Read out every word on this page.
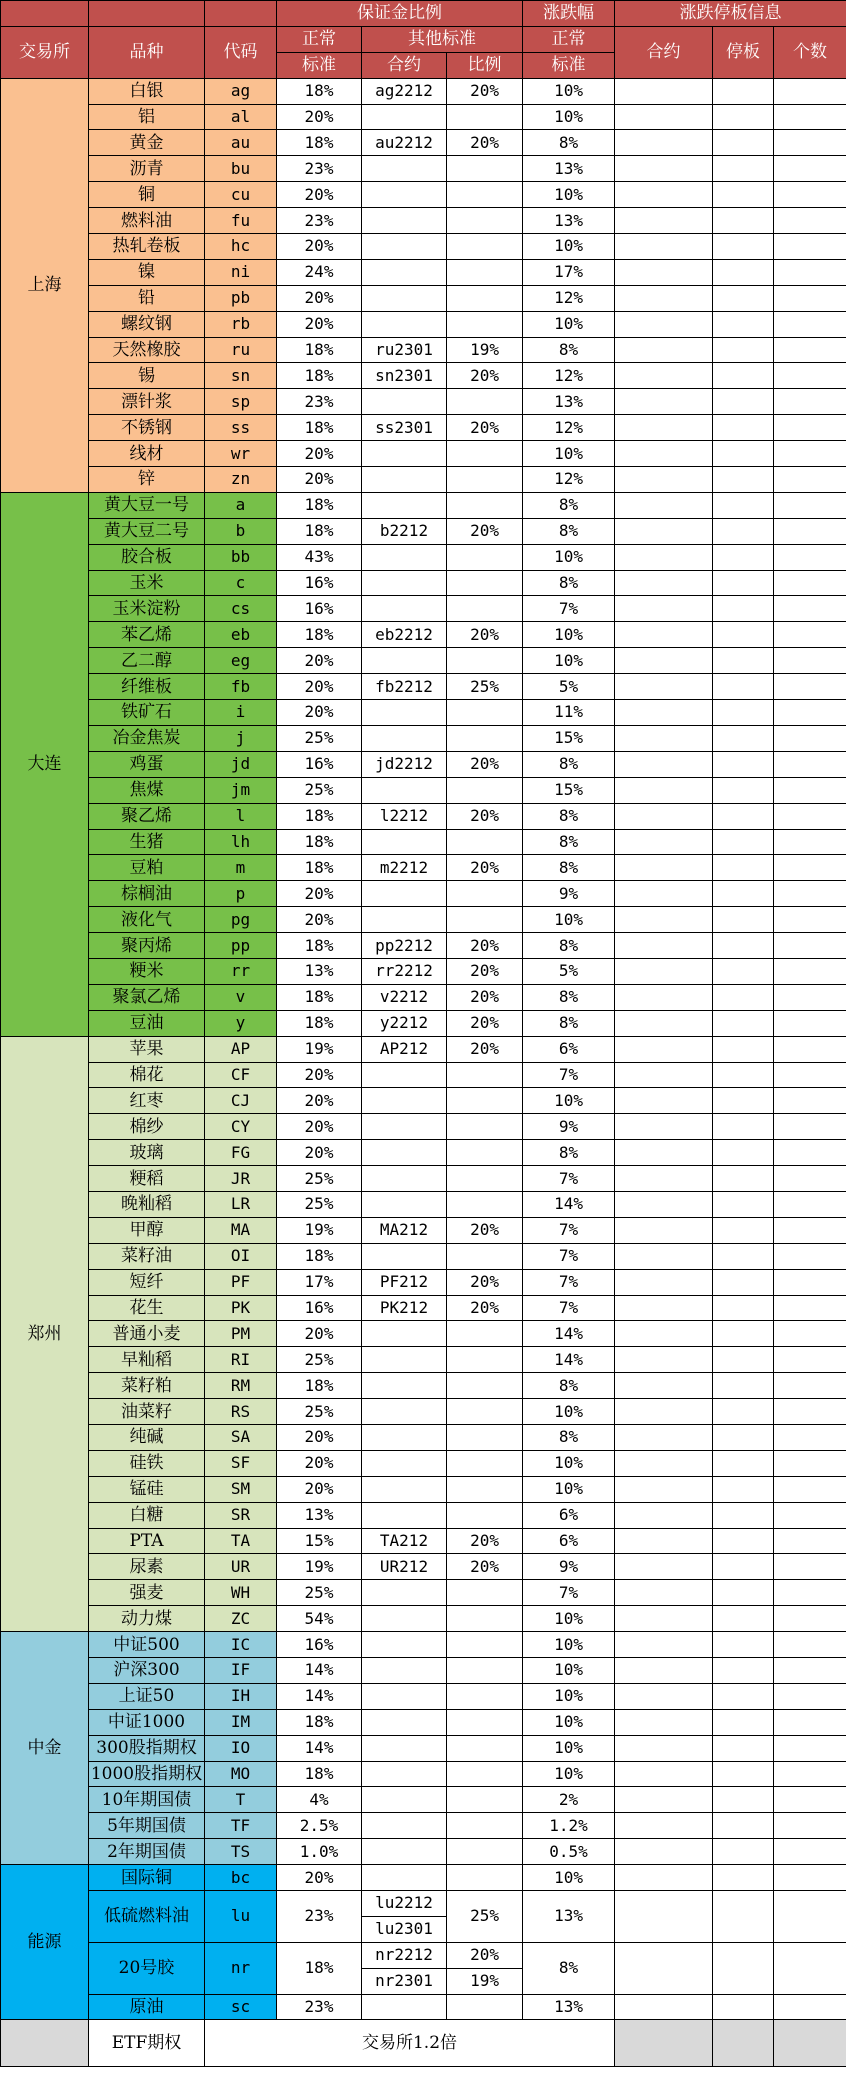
			保证金比例			涨跌幅	涨跌停板信息		
交易所	品种	代码	正常	其他标准		正常	合约	停板	个数
			标准	合约	比例	标准			
上海	白银	ag	18%	ag2212	20%	10%			
	铝	al	20%			10%			
	黄金	au	18%	au2212	20%	8%			
	沥青	bu	23%			13%			
	铜	cu	20%			10%			
	燃料油	fu	23%			13%			
	热轧卷板	hc	20%			10%			
	镍	ni	24%			17%			
	铅	pb	20%			12%			
	螺纹钢	rb	20%			10%			
	天然橡胶	ru	18%	ru2301	19%	8%			
	锡	sn	18%	sn2301	20%	12%			
	漂针浆	sp	23%			13%			
	不锈钢	ss	18%	ss2301	20%	12%			
	线材	wr	20%			10%			
	锌	zn	20%			12%			
大连	黄大豆一号	a	18%			8%			
	黄大豆二号	b	18%	b2212	20%	8%			
	胶合板	bb	43%			10%			
	玉米	c	16%			8%			
	玉米淀粉	cs	16%			7%			
	苯乙烯	eb	18%	eb2212	20%	10%			
	乙二醇	eg	20%			10%			
	纤维板	fb	20%	fb2212	25%	5%			
	铁矿石	i	20%			11%			
	冶金焦炭	j	25%			15%			
	鸡蛋	jd	16%	jd2212	20%	8%			
	焦煤	jm	25%			15%			
	聚乙烯	l	18%	l2212	20%	8%			
	生猪	lh	18%			8%			
	豆粕	m	18%	m2212	20%	8%			
	棕榈油	p	20%			9%			
	液化气	pg	20%			10%			
	聚丙烯	pp	18%	pp2212	20%	8%			
	粳米	rr	13%	rr2212	20%	5%			
	聚氯乙烯	v	18%	v2212	20%	8%			
	豆油	y	18%	y2212	20%	8%			
郑州	苹果	AP	19%	AP212	20%	6%			
	棉花	CF	20%			7%			
	红枣	CJ	20%			10%			
	棉纱	CY	20%			9%			
	玻璃	FG	20%			8%			
	粳稻	JR	25%			7%			
	晚籼稻	LR	25%			14%			
	甲醇	MA	19%	MA212	20%	7%			
	菜籽油	OI	18%			7%			
	短纤	PF	17%	PF212	20%	7%			
	花生	PK	16%	PK212	20%	7%			
	普通小麦	PM	20%			14%			
	早籼稻	RI	25%			14%			
	菜籽粕	RM	18%			8%			
	油菜籽	RS	25%			10%			
	纯碱	SA	20%			8%			
	硅铁	SF	20%			10%			
	锰硅	SM	20%			10%			
	白糖	SR	13%			6%			
	PTA	TA	15%	TA212	20%	6%			
	尿素	UR	19%	UR212	20%	9%			
	强麦	WH	25%			7%			
	动力煤	ZC	54%			10%			
中金	中证500	IC	16%			10%			
	沪深300	IF	14%			10%			
	上证50	IH	14%			10%			
	中证1000	IM	18%			10%			
	300股指期权	IO	14%			10%			
	1000股指期权	MO	18%			10%			
	10年期国债	T	4%			2%			
	5年期国债	TF	2.5%			1.2%			
	2年期国债	TS	1.0%			0.5%			
能源	国际铜	bc	20%			10%			
	低硫燃料油	lu	23%	lu2212	25%	13%			
				lu2301					
	20号胶	nr	18%	nr2212	20%	8%			
				nr2301	19%				
	原油	sc	23%			13%			
	ETF期权	交易所1.2倍							
